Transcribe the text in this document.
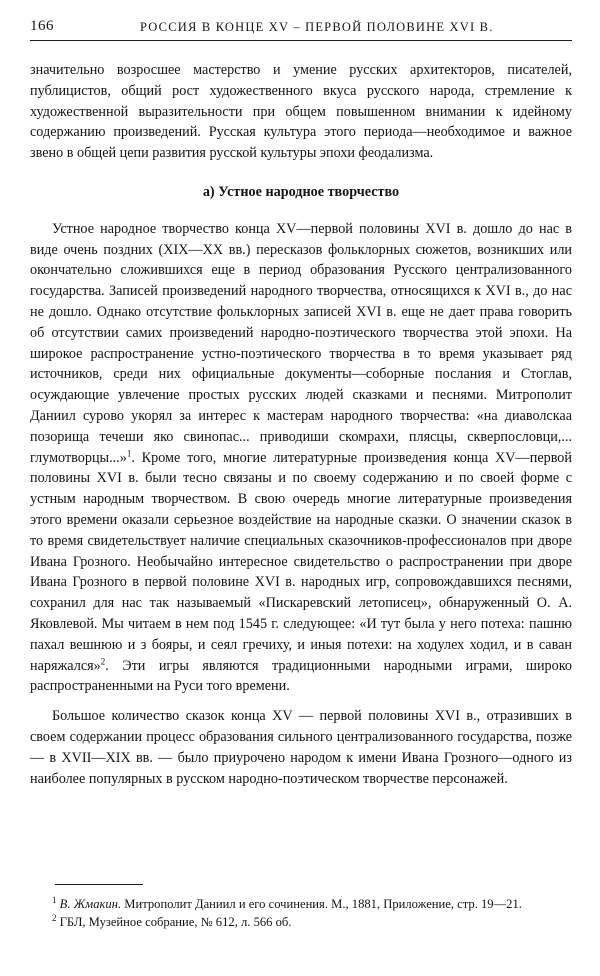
166	РОССИЯ В КОНЦЕ XV – ПЕРВОЙ ПОЛОВИНЕ XVI В.

значительно возросшее мастерство и умение русских архитекторов, писателей, публицистов, общий рост художественного вкуса русского народа, стремление к художественной выразительности при общем повышенном внимании к идейному содержанию произведений. Русская культура этого периода—необходимое и важное звено в общей цепи развития русской культуры эпохи феодализма.

а) Устное народное творчество

Устное народное творчество конца XV—первой половины XVI в. дошло до нас в виде очень поздних (XIX—XX вв.) пересказов фольклорных сюжетов, возникших или окончательно сложившихся еще в период образования Русского централизованного государства. Записей произведений народного творчества, относящихся к XVI в., до нас не дошло. Однако отсутствие фольклорных записей XVI в. еще не дает права говорить об отсутствии самих произведений народно-поэтического творчества этой эпохи. На широкое распространение устно-поэтического творчества в то время указывает ряд источников, среди них официальные документы—соборные послания и Стоглав, осуждающие увлечение простых русских людей сказками и песнями. Митрополит Даниил сурово укорял за интерес к мастерам народного творчества: «на диаволскаа позорища течеши яко свинопас... приводиши скомрахи, плясцы, скверпословци,... глумотворцы...»$^1$. Кроме того, многие литературные произведения конца XV—первой половины XVI в. были тесно связаны и по своему содержанию и по своей форме с устным народным творчеством. В свою очередь многие литературные произведения этого времени оказали серьезное воздействие на народные сказки. О значении сказок в то время свидетельствует наличие специальных сказочников-профессионалов при дворе Ивана Грозного. Необычайно интересное свидетельство о распространении при дворе Ивана Грозного в первой половине XVI в. народных игр, сопровождавшихся песнями, сохранил для нас так называемый «Пискаревский летописец», обнаруженный О. А. Яковлевой. Мы читаем в нем под 1545 г. следующее: «И тут была у него потеха: пашню пахал вешнюю и з бояры, и сеял гречиху, и иныя потехи: на ходулех ходил, и в саван наряжался»$^2$. Эти игры являются традиционными народными играми, широко распространенными на Руси того времени.

Большое количество сказок конца XV — первой половины XVI в., отразивших в своем содержании процесс образования сильного централизованного государства, позже — в XVII—XIX вв. — было приурочено народом к имени Ивана Грозного—одного из наиболее популярных в русском народно-поэтическом творчестве персонажей.

$^1$ В. Жмакин. Митрополит Даниил и его сочинения. М., 1881, Приложение, стр. 19—21.

$^2$ ГБЛ, Музейное собрание, № 612, л. 566 об.
